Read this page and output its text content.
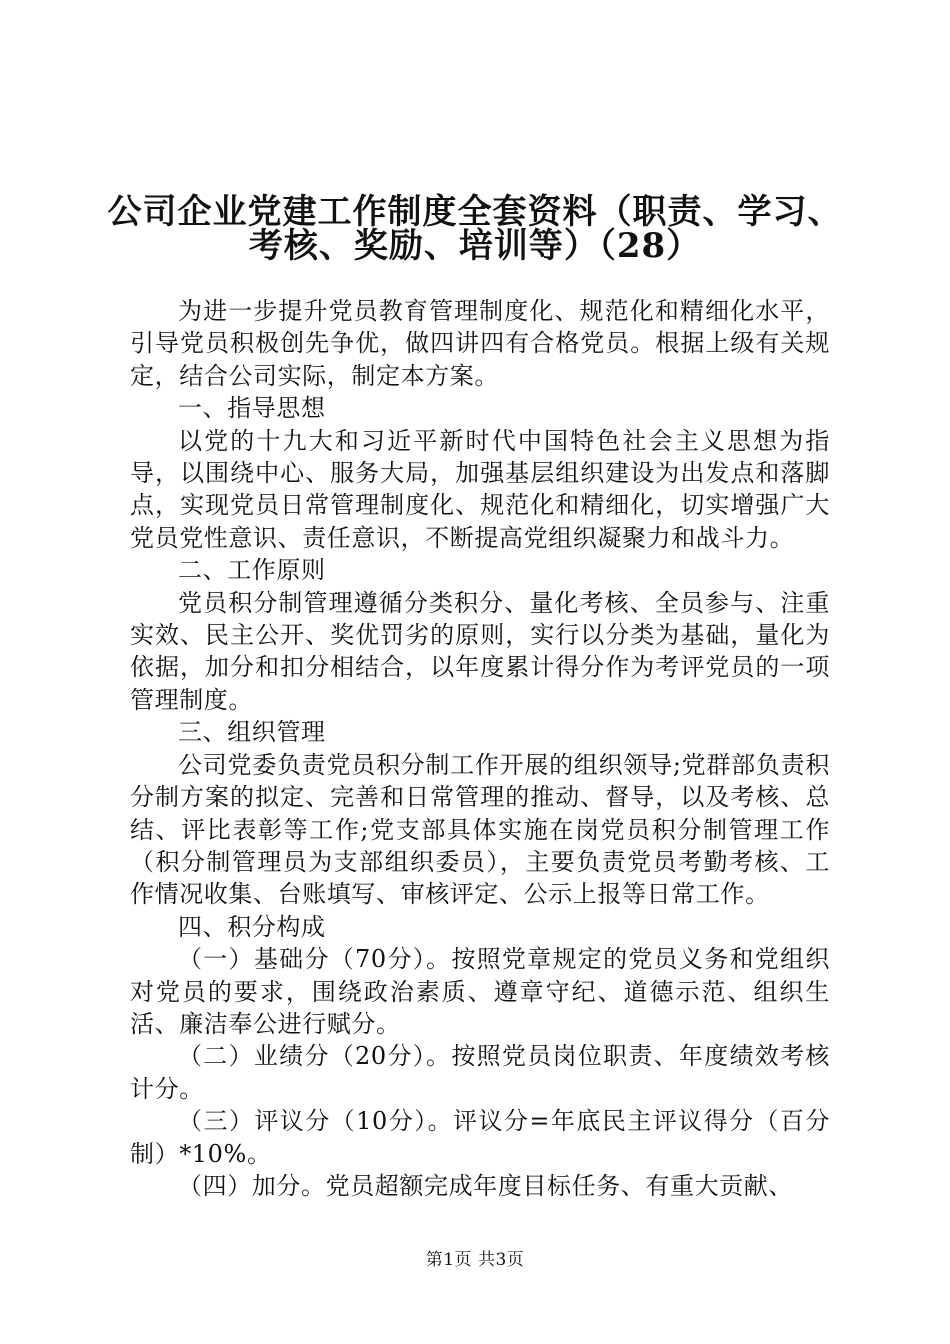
公司企业党建工作制度全套资料（职责、学习、
考核、奖励、培训等）（28）

为进一步提升党员教育管理制度化、规范化和精细化水平，引导党员积极创先争优，做四讲四有合格党员。根据上级有关规定，结合公司实际，制定本方案。

一、指导思想

以党的十九大和习近平新时代中国特色社会主义思想为指导，以围绕中心、服务大局，加强基层组织建设为出发点和落脚点，实现党员日常管理制度化、规范化和精细化，切实增强广大党员党性意识、责任意识，不断提高党组织凝聚力和战斗力。

二、工作原则

党员积分制管理遵循分类积分、量化考核、全员参与、注重实效、民主公开、奖优罚劣的原则，实行以分类为基础，量化为依据，加分和扣分相结合，以年度累计得分作为考评党员的一项管理制度。

三、组织管理

公司党委负责党员积分制工作开展的组织领导;党群部负责积分制方案的拟定、完善和日常管理的推动、督导，以及考核、总结、评比表彰等工作;党支部具体实施在岗党员积分制管理工作（积分制管理员为支部组织委员），主要负责党员考勤考核、工作情况收集、台账填写、审核评定、公示上报等日常工作。

四、积分构成

（一）基础分（70分）。按照党章规定的党员义务和党组织对党员的要求，围绕政治素质、遵章守纪、道德示范、组织生活、廉洁奉公进行赋分。

（二）业绩分（20分）。按照党员岗位职责、年度绩效考核计分。

（三）评议分（10分）。评议分=年底民主评议得分（百分制）*10%。

（四）加分。党员超额完成年度目标任务、有重大贡献、

第1页 共3页
